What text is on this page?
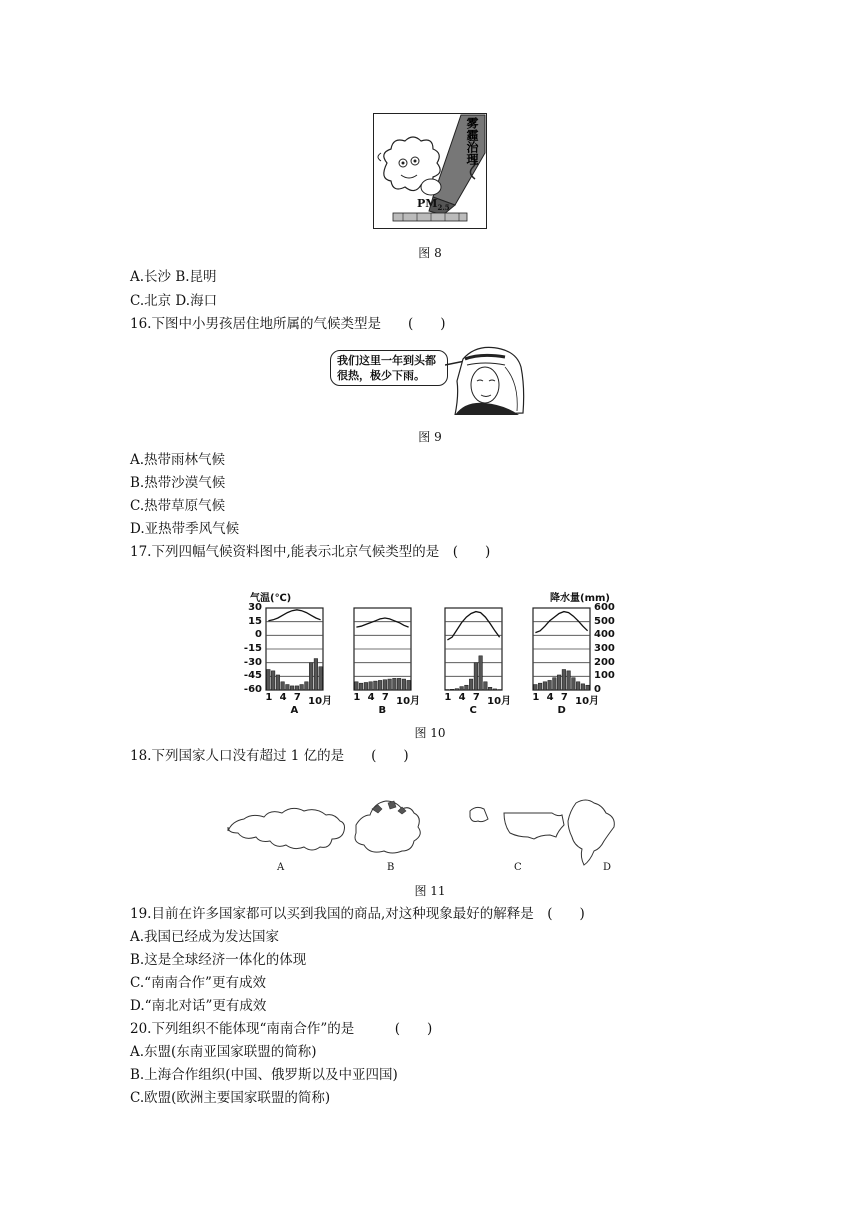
雾霾治理
$PM_{2.5}$
图 8
A.长沙 B.昆明
C.北京 D.海口
16.下图中小男孩居住地所属的气候类型是　　(　　)
我们这里一年到头都
很热，极少下雨。
图 9
A.热带雨林气候
B.热带沙漠气候
C.热带草原气候
D.亚热带季风气候
17.下列四幅气候资料图中,能表示北京气候类型的是　(　　)
气温(℃)	降水量(mm)
30
15
0
-15
-30
-45
-60
600
500
400
300
200
100
0
A
1 4 7 10月
B
1 4 7 10月
C
1 4 7 10月
D
1 4 7 10月
图 10
18.下列国家人口没有超过 1 亿的是　　(　　)
A	B	C	D
图 11
19.目前在许多国家都可以买到我国的商品,对这种现象最好的解释是　(　　)
A.我国已经成为发达国家
B.这是全球经济一体化的体现
C.“南南合作”更有成效
D.“南北对话”更有成效
20.下列组织不能体现“南南合作”的是　　　(　　)
A.东盟(东南亚国家联盟的简称)
B.上海合作组织(中国、俄罗斯以及中亚四国)
C.欧盟(欧洲主要国家联盟的简称)
